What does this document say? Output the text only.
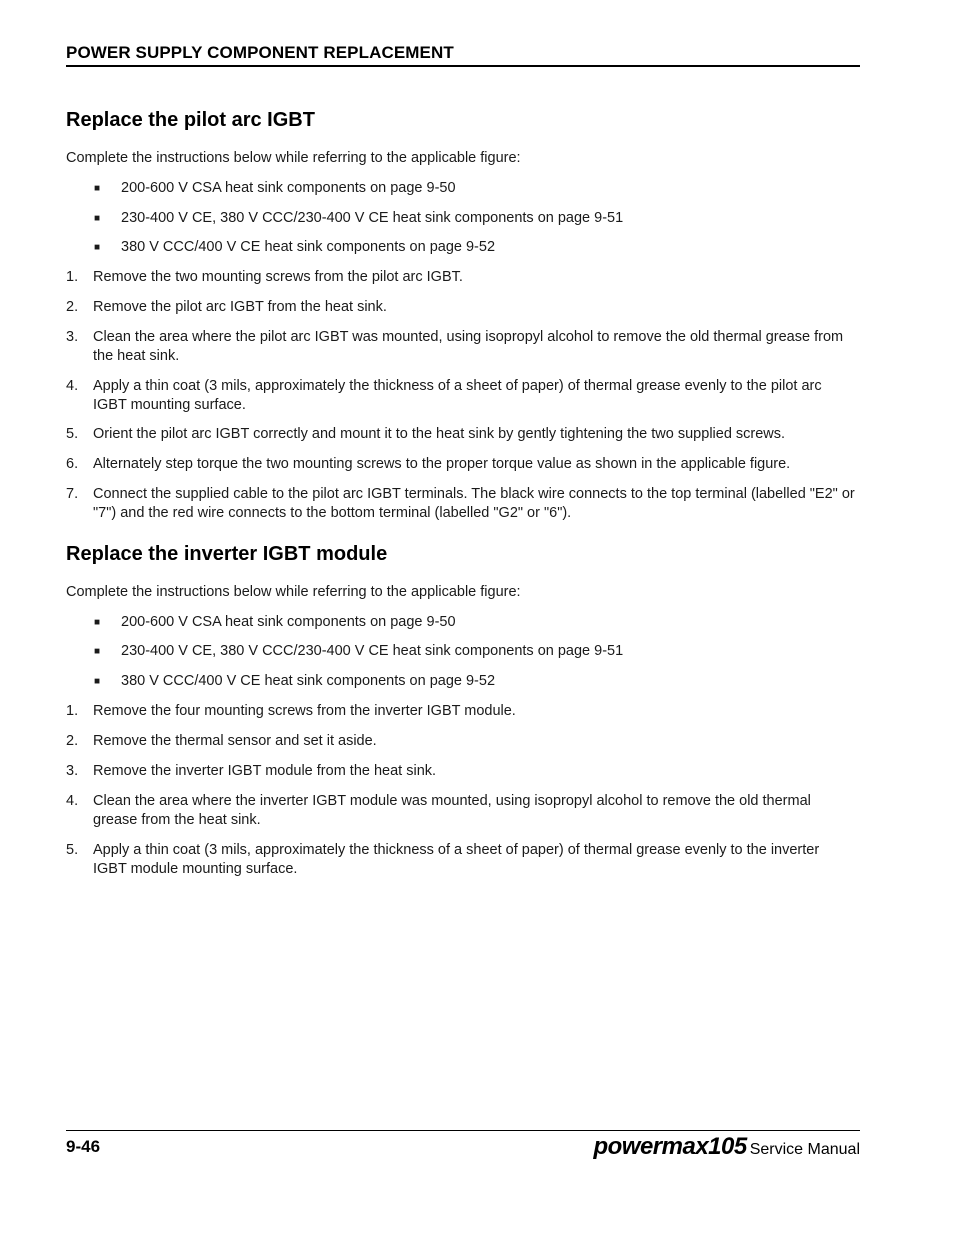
POWER SUPPLY COMPONENT REPLACEMENT
Replace the pilot arc IGBT

Complete the instructions below while referring to the applicable figure:

■ 200-600 V CSA heat sink components on page 9-50
■ 230-400 V CE, 380 V CCC/230-400 V CE heat sink components on page 9-51
■ 380 V CCC/400 V CE heat sink components on page 9-52
1. Remove the two mounting screws from the pilot arc IGBT.
2. Remove the pilot arc IGBT from the heat sink.
3. Clean the area where the pilot arc IGBT was mounted, using isopropyl alcohol to remove the old thermal grease from the heat sink.
4. Apply a thin coat (3 mils, approximately the thickness of a sheet of paper) of thermal grease evenly to the pilot arc IGBT mounting surface.
5. Orient the pilot arc IGBT correctly and mount it to the heat sink by gently tightening the two supplied screws.
6. Alternately step torque the two mounting screws to the proper torque value as shown in the applicable figure.
7. Connect the supplied cable to the pilot arc IGBT terminals. The black wire connects to the top terminal (labelled "E2" or "7") and the red wire connects to the bottom terminal (labelled "G2" or "6").
Replace the inverter IGBT module

Complete the instructions below while referring to the applicable figure:

■ 200-600 V CSA heat sink components on page 9-50
■ 230-400 V CE, 380 V CCC/230-400 V CE heat sink components on page 9-51
■ 380 V CCC/400 V CE heat sink components on page 9-52
1. Remove the four mounting screws from the inverter IGBT module.
2. Remove the thermal sensor and set it aside.
3. Remove the inverter IGBT module from the heat sink.
4. Clean the area where the inverter IGBT module was mounted, using isopropyl alcohol to remove the old thermal grease from the heat sink.
5. Apply a thin coat (3 mils, approximately the thickness of a sheet of paper) of thermal grease evenly to the inverter IGBT module mounting surface.
9-46	powermax105 Service Manual
